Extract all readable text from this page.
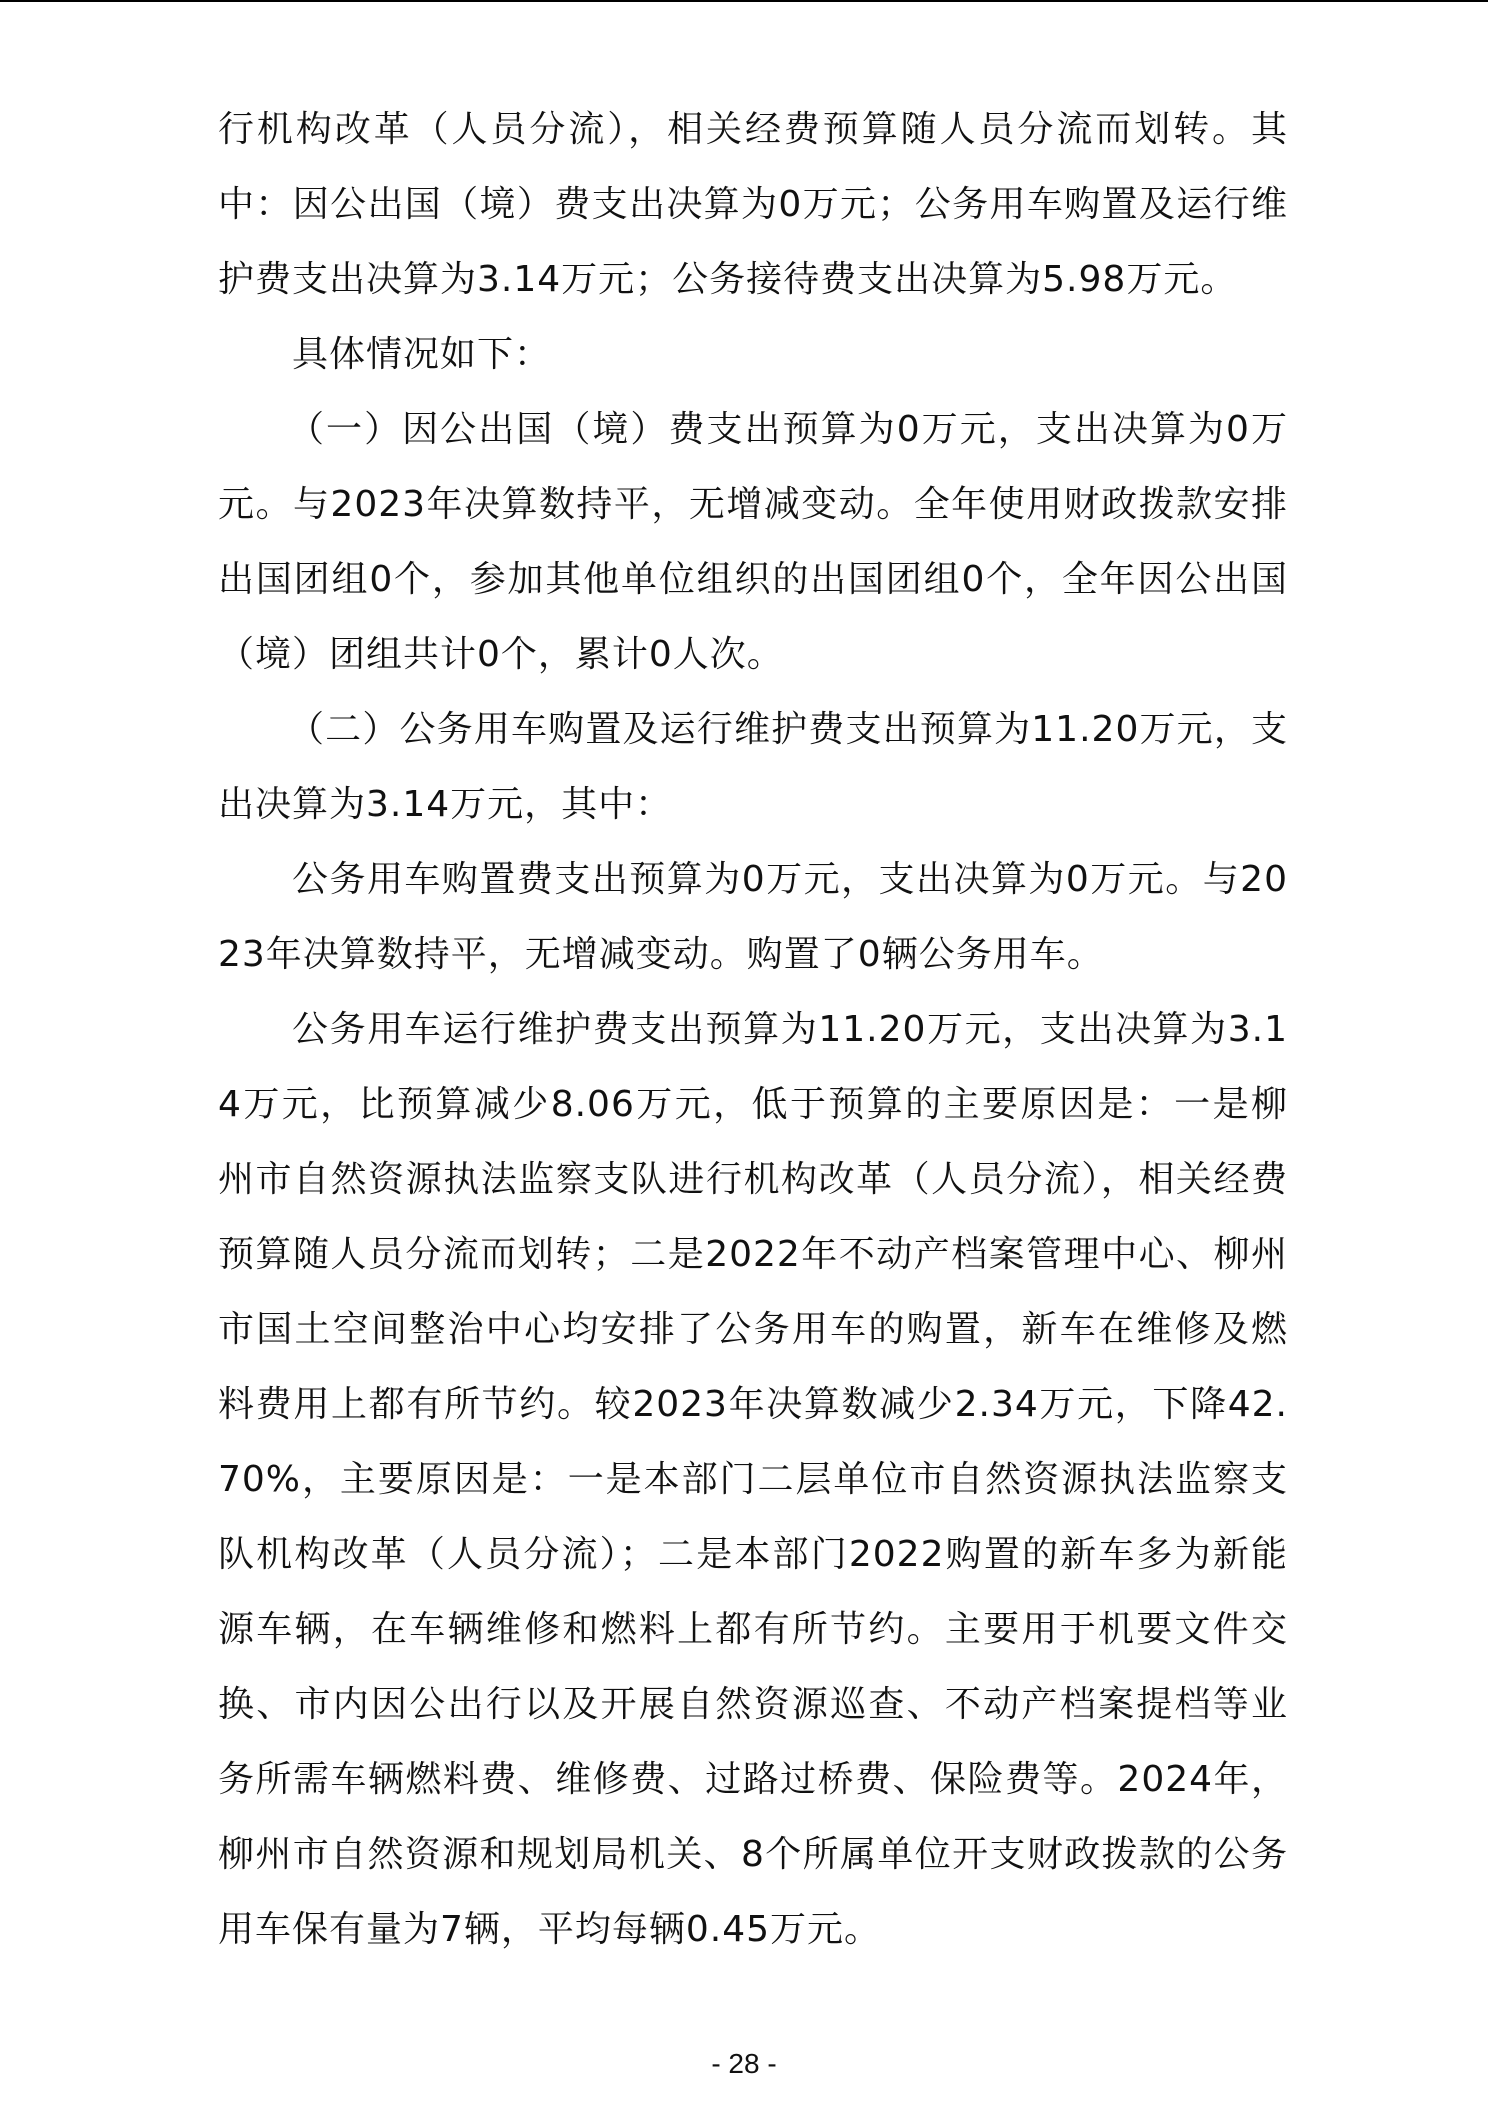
行机构改革（人员分流），相关经费预算随人员分流而划转。其中：因公出国（境）费支出决算为0万元；公务用车购置及运行维护费支出决算为3.14万元；公务接待费支出决算为5.98万元。

具体情况如下：

（一）因公出国（境）费支出预算为0万元，支出决算为0万元。与2023年决算数持平，无增减变动。全年使用财政拨款安排出国团组0个，参加其他单位组织的出国团组0个，全年因公出国（境）团组共计0个，累计0人次。

（二）公务用车购置及运行维护费支出预算为11.20万元，支出决算为3.14万元，其中：

公务用车购置费支出预算为0万元，支出决算为0万元。与2023年决算数持平，无增减变动。购置了0辆公务用车。

公务用车运行维护费支出预算为11.20万元，支出决算为3.14万元，比预算减少8.06万元，低于预算的主要原因是：一是柳州市自然资源执法监察支队进行机构改革（人员分流），相关经费预算随人员分流而划转；二是2022年不动产档案管理中心、柳州市国土空间整治中心均安排了公务用车的购置，新车在维修及燃料费用上都有所节约。较2023年决算数减少2.34万元，下降42.70%，主要原因是：一是本部门二层单位市自然资源执法监察支队机构改革（人员分流）；二是本部门2022购置的新车多为新能源车辆，在车辆维修和燃料上都有所节约。主要用于机要文件交换、市内因公出行以及开展自然资源巡查、不动产档案提档等业务所需车辆燃料费、维修费、过路过桥费、保险费等。2024年，柳州市自然资源和规划局机关、8个所属单位开支财政拨款的公务用车保有量为7辆，平均每辆0.45万元。

- 28 -
